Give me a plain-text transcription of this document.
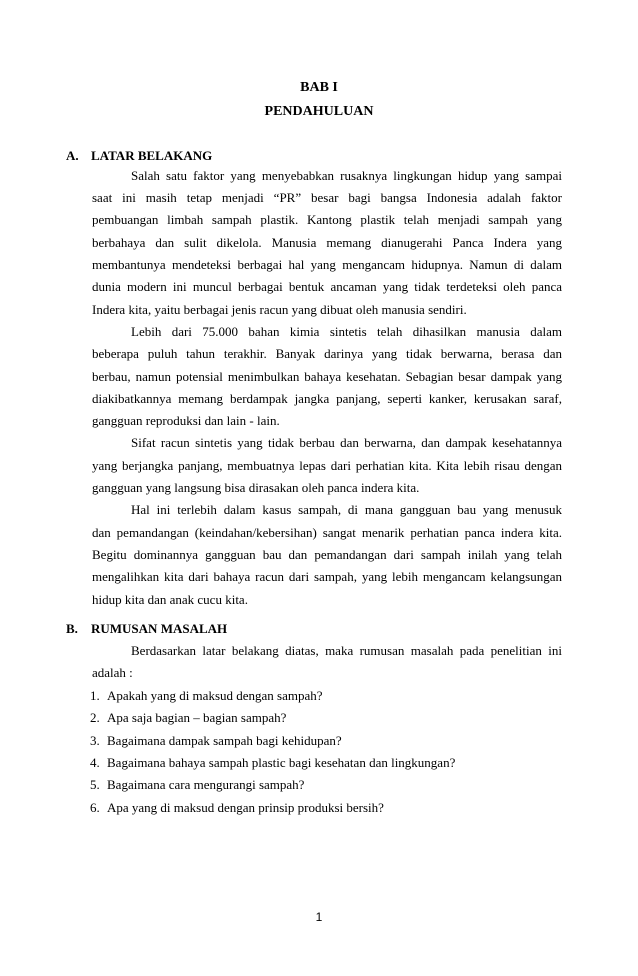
BAB I
PENDAHULUAN
A. LATAR BELAKANG
Salah satu faktor yang menyebabkan rusaknya lingkungan hidup yang sampai
saat ini masih tetap menjadi “PR” besar bagi bangsa Indonesia adalah faktor
pembuangan limbah sampah plastik. Kantong plastik telah menjadi sampah yang
berbahaya dan sulit dikelola. Manusia memang dianugerahi Panca Indera yang
membantunya mendeteksi berbagai hal yang mengancam hidupnya. Namun di dalam
dunia modern ini muncul berbagai bentuk ancaman yang tidak terdeteksi oleh panca
Indera kita, yaitu berbagai jenis racun yang dibuat oleh manusia sendiri.
Lebih dari 75.000 bahan kimia sintetis telah dihasilkan manusia dalam
beberapa puluh tahun terakhir. Banyak darinya yang tidak berwarna, berasa dan
berbau, namun potensial menimbulkan bahaya kesehatan. Sebagian besar dampak yang
diakibatkannya memang berdampak jangka panjang, seperti kanker, kerusakan saraf,
gangguan reproduksi dan lain - lain.
Sifat racun sintetis yang tidak berbau dan berwarna, dan dampak kesehatannya
yang berjangka panjang, membuatnya lepas dari perhatian kita. Kita lebih risau dengan
gangguan yang langsung bisa dirasakan oleh panca indera kita.
Hal ini terlebih dalam kasus sampah, di mana gangguan bau yang menusuk
dan pemandangan (keindahan/kebersihan) sangat menarik perhatian panca indera kita.
Begitu dominannya gangguan bau dan pemandangan dari sampah inilah yang telah
mengalihkan kita dari bahaya racun dari sampah, yang lebih mengancam kelangsungan
hidup kita dan anak cucu kita.
B. RUMUSAN MASALAH
Berdasarkan latar belakang diatas, maka rumusan masalah pada penelitian ini
adalah :
1. Apakah yang di maksud dengan sampah?
2. Apa saja bagian – bagian sampah?
3. Bagaimana dampak sampah bagi kehidupan?
4. Bagaimana bahaya sampah plastic bagi kesehatan dan lingkungan?
5. Bagaimana cara mengurangi sampah?
6. Apa yang di maksud dengan prinsip produksi bersih?
1
